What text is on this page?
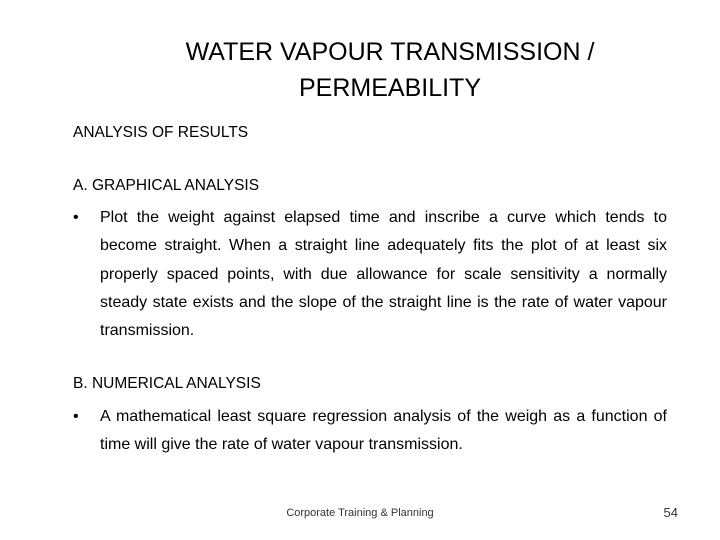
WATER VAPOUR TRANSMISSION /
PERMEABILITY
ANALYSIS OF RESULTS
A. GRAPHICAL ANALYSIS
•	Plot the weight against elapsed time and inscribe a curve which tends to become straight. When a straight line adequately fits the plot of at least six properly spaced points, with due allowance for scale sensitivity a normally steady state exists and the slope of the straight line is the rate of water vapour transmission.
B. NUMERICAL ANALYSIS
•	A mathematical least square regression analysis of the weigh as a function of time will give the rate of water vapour transmission.
Corporate Training & Planning	54
